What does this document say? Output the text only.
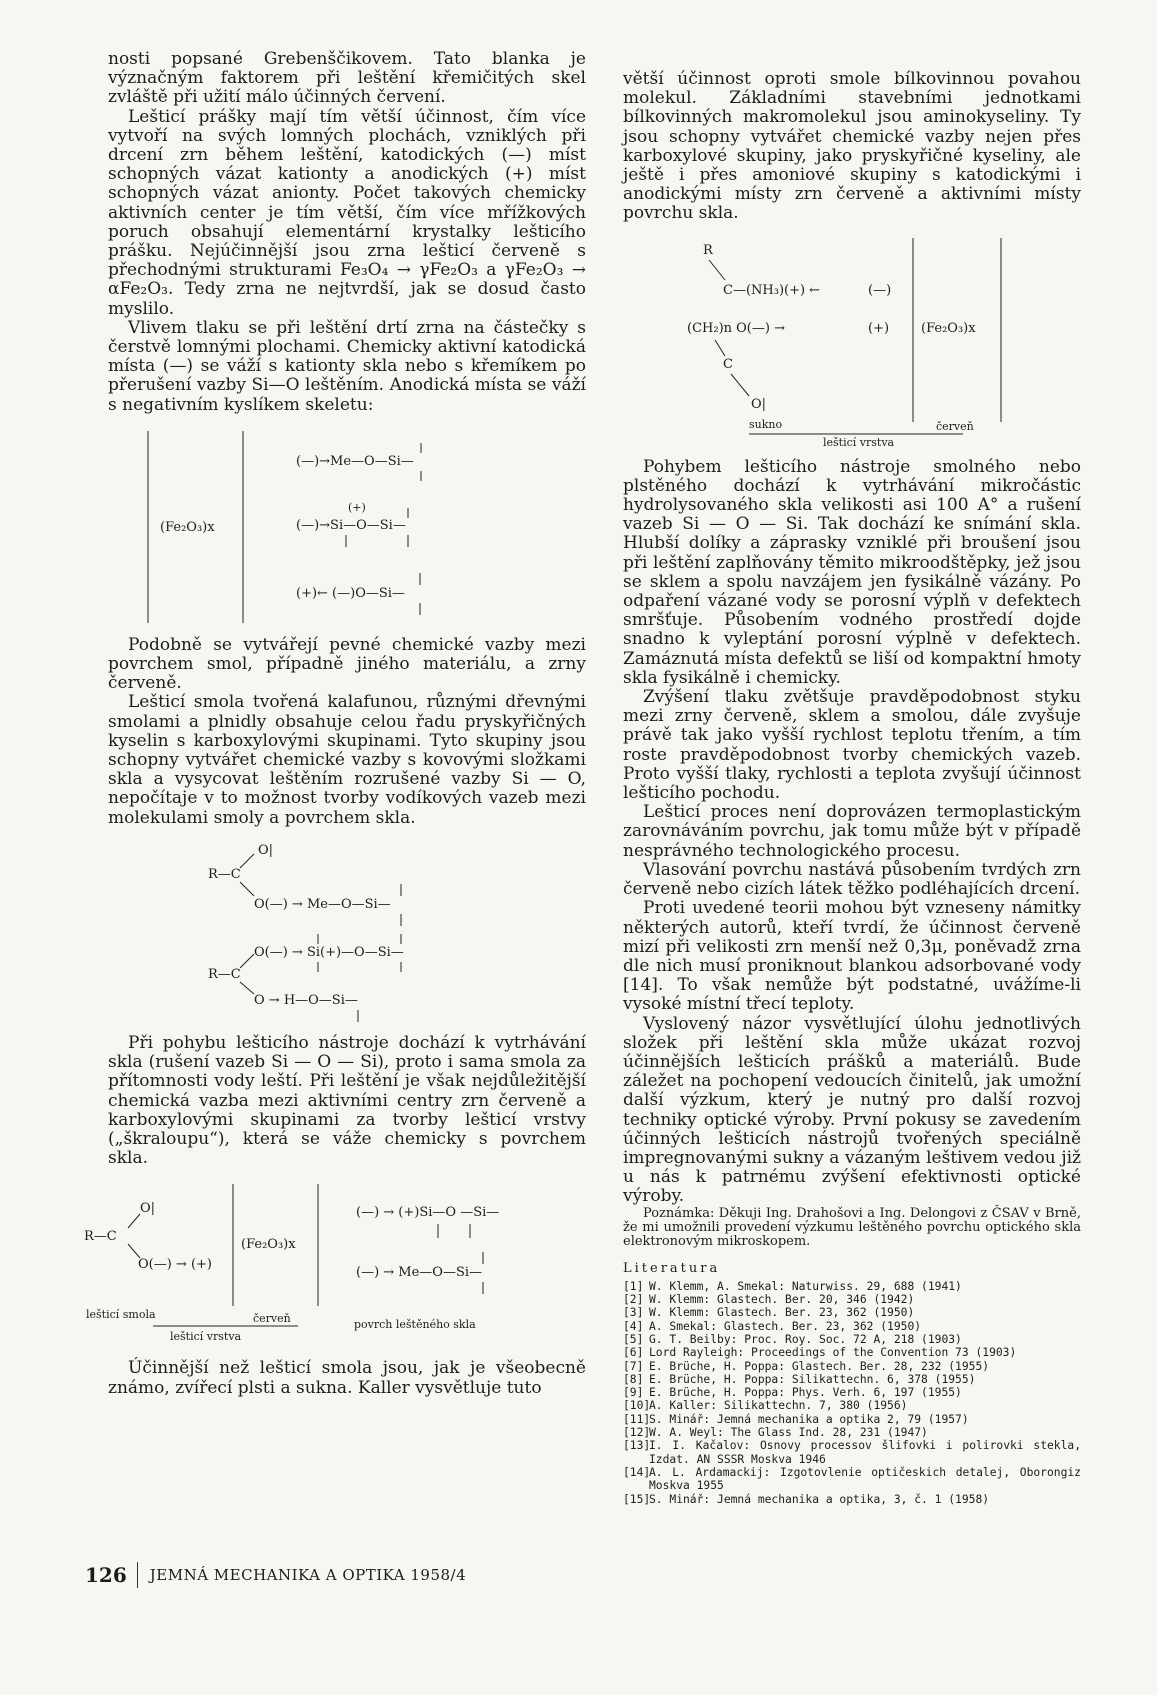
nosti popsané Grebenščikovem. Tato blanka je význačným faktorem při leštění křemičitých skel zvláště při užití málo účinných červení.

Lešticí prášky mají tím větší účinnost, čím více vytvoří na svých lomných plochách, vzniklých při drcení zrn během leštění, katodických (—) míst schopných vázat kationty a anodických (+) míst schopných vázat anionty. Počet takových chemicky aktivních center je tím větší, čím více mřížkových poruch obsahují elementární krystalky lešticího prášku. Nejúčinnější jsou zrna lešticí červeně s přechodnými strukturami Fe₃O₄ → γFe₂O₃ a γFe₂O₃ → αFe₂O₃. Tedy zrna ne nejtvrdší, jak se dosud často myslilo.

Vlivem tlaku se při leštění drtí zrna na částečky s čerstvě lomnými plochami. Chemicky aktivní katodická místa (—) se váží s kationty skla nebo s křemíkem po přerušení vazby Si—O leštěním. Anodická místa se váží s negativním kyslíkem skeletu:

(Fe₂O₃)x
(—)→Me—O—Si—
(+)
(—)→Si—O—Si—
(+)← (—)O—Si—

Podobně se vytvářejí pevné chemické vazby mezi povrchem smol, případně jiného materiálu, a zrny červeně.

Lešticí smola tvořená kalafunou, různými dřevnými smolami a plnidly obsahuje celou řadu pryskyřičných kyselin s karboxylovými skupinami. Tyto skupiny jsou schopny vytvářet chemické vazby s kovovými složkami skla a vysycovat leštěním rozrušené vazby Si — O, nepočítaje v to možnost tvorby vodíkových vazeb mezi molekulami smoly a povrchem skla.

O|
R—C
O(—) → Me—O—Si—
O(—) → Si(+)—O—Si—
R—C
O → H—O—Si—

Při pohybu lešticího nástroje dochází k vytrhávání skla (rušení vazeb Si — O — Si), proto i sama smola za přítomnosti vody leští. Při leštění je však nejdůležitější chemická vazba mezi aktivními centry zrn červeně a karboxylovými skupinami za tvorby lešticí vrstvy („škraloupu“), která se váže chemicky s povrchem skla.

O|
R—C
O(—) → (+)
(Fe₂O₃)x
(—) → (+)Si—O —Si—
(—) → Me—O—Si—
lešticí smola	červeň
lešticí vrstva
povrch leštěného skla

Účinnější než lešticí smola jsou, jak je všeobecně známo, zvířecí plsti a sukna. Kaller vysvětluje tuto

větší účinnost oproti smole bílkovinnou povahou molekul. Základními stavebními jednotkami bílkovinných makromolekul jsou aminokyseliny. Ty jsou schopny vytvářet chemické vazby nejen přes karboxylové skupiny, jako pryskyřičné kyseliny, ale ještě i přes amoniové skupiny s katodickými i anodickými místy zrn červeně a aktivními místy povrchu skla.

R
C—(NH₃)(+) ←	(—)
(CH₂)n O(—) →	(+)
C
O|
(Fe₂O₃)x
sukno	červeň
lešticí vrstva

Pohybem lešticího nástroje smolného nebo plstěného dochází k vytrhávání mikročástic hydrolysovaného skla velikosti asi 100 A° a rušení vazeb Si — O — Si. Tak dochází ke snímání skla. Hlubší dolíky a zápraskу vzniklé při broušení jsou při leštění zaplňovány těmito mikroodštěpky, jež jsou se sklem a spolu navzájem jen fysikálně vázány. Po odpaření vázané vody se porosní výplň v defektech smršťuje. Působením vodného prostředí dojde snadno k vyleptání porosní výplně v defektech. Zamáznutá místa defektů se liší od kompaktní hmoty skla fysikálně i chemicky.

Zvýšení tlaku zvětšuje pravděpodobnost styku mezi zrny červeně, sklem a smolou, dále zvyšuje právě tak jako vyšší rychlost teplotu třením, a tím roste pravděpodobnost tvorby chemických vazeb. Proto vyšší tlaky, rychlosti a teplota zvyšují účinnost lešticího pochodu.

Lešticí proces není doprovázen termoplastickým zarovnáváním povrchu, jak tomu může být v případě nesprávného technologického procesu.

Vlasování povrchu nastává působením tvrdých zrn červeně nebo cizích látek těžko podléhajících drcení.

Proti uvedené teorii mohou být vzneseny námitky některých autorů, kteří tvrdí, že účinnost červeně mizí při velikosti zrn menší než 0,3μ, poněvadž zrna dle nich musí proniknout blankou adsorbované vody [14]. To však nemůže být podstatné, uvážíme-li vysoké místní třecí teploty.

Vyslovený názor vysvětlující úlohu jednotlivých složek při leštění skla může ukázat rozvoj účinnějších lešticích prášků a materiálů. Bude záležet na pochopení vedoucích činitelů, jak umožní další výzkum, který je nutný pro další rozvoj techniky optické výroby. První pokusy se zavedením účinných lešticích nástrojů tvořených speciálně impregnovanými sukny a vázaným leštivem vedou již u nás k patrnému zvýšení efektivnosti optické výroby.

Poznámka: Děkuji Ing. Drahošovi a Ing. Delongovi z ČSAV v Brně, že mi umožnili provedení výzkumu leštěného povrchu optického skla elektronovým mikroskopem.

Literatura
[1] W. Klemm, A. Smekal: Naturwiss. 29, 688 (1941)
[2] W. Klemm: Glastech. Ber. 20, 346 (1942)
[3] W. Klemm: Glastech. Ber. 23, 362 (1950)
[4] A. Smekal: Glastech. Ber. 23, 362 (1950)
[5] G. T. Beilby: Proc. Roy. Soc. 72 A, 218 (1903)
[6] Lord Rayleigh: Proceedings of the Convention 73 (1903)
[7] E. Brüche, H. Poppa: Glastech. Ber. 28, 232 (1955)
[8] E. Brüche, H. Poppa: Silikattechn. 6, 378 (1955)
[9] E. Brüche, H. Poppa: Phys. Verh. 6, 197 (1955)
[10]
A. Kaller: Silikattechn. 7, 380 (1956)
[11]
S. Minář: Jemná mechanika a optika 2, 79 (1957)
[12]
W. A. Weyl: The Glass Ind. 28, 231 (1947)
[13]
I. I. Kačalov: Osnovy processov šlifovki i polirovki stekla, Izdat. AN SSSR Moskva 1946
[14]
A. L. Ardamackij: Izgotovlenie optičeskich detalej, Oborongiz Moskva 1955
[15]
S. Minář: Jemná mechanika a optika, 3, č. 1 (1958)
126 JEMNÁ MECHANIKA A OPTIKA 1958/4
